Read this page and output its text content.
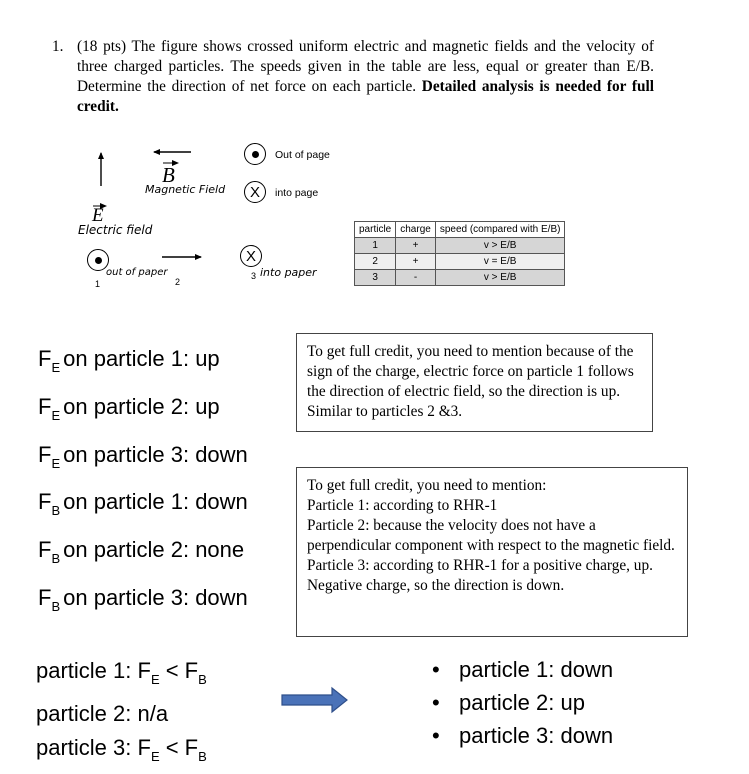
1. (18 pts) The figure shows crossed uniform electric and magnetic fields and the velocity of three charged particles. The speeds given in the table are less, equal or greater than E/B. Determine the direction of net force on each particle. Detailed analysis is needed for full credit.
B
Magnetic Field
E
Electric field
Out of page
X into page
out of paper
1	2
X
3 into paper
particle	charge	speed (compared with E/B)
1	+	v > E/B
2	+	v = E/B
3	-	v > E/B
$F_E$ on particle 1: up
$F_E$ on particle 2: up
$F_E$ on particle 3: down
To get full credit, you need to mention because of the sign of the charge, electric force on particle 1 follows the direction of electric field, so the direction is up. Similar to particles 2 &3.
$F_B$ on particle 1: down
$F_B$ on particle 2: none
$F_B$ on particle 3: down
To get full credit, you need to mention:
Particle 1: according to RHR-1
Particle 2: because the velocity does not have a perpendicular component with respect to the magnetic field.
Particle 3: according to RHR-1 for a positive charge, up. Negative charge, so the direction is down.
particle 1: $F_E < F_B$
particle 2: n/a
particle 3: $F_E < F_B$
• particle 1: down
• particle 2: up
• particle 3: down
